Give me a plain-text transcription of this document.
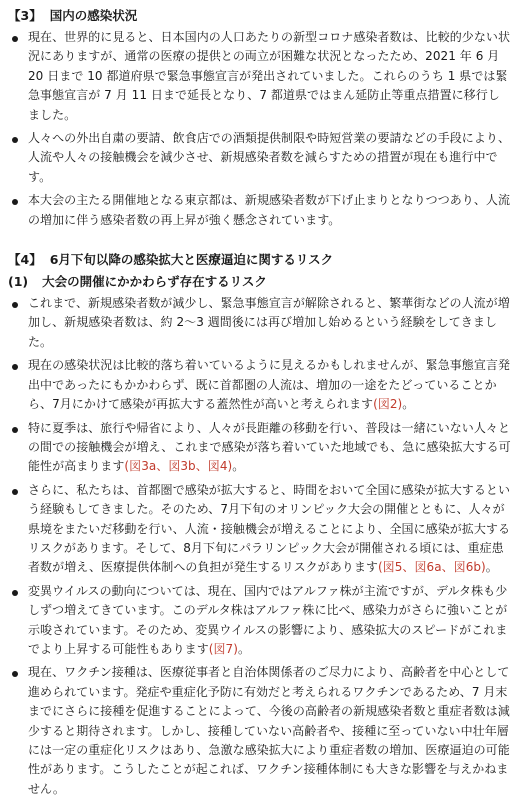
【3】 国内の感染状況
現在、世界的に見ると、日本国内の人口あたりの新型コロナ感染者数は、比較的少ない状況にありますが、通常の医療の提供との両立が困難な状況となったため、2021 年 6 月 20 日まで 10 都道府県で緊急事態宣言が発出されていました。これらのうち 1 県では緊急事態宣言が 7 月 11 日まで延長となり、7 都道県ではまん延防止等重点措置に移行しました。
人々への外出自粛の要請、飲食店での酒類提供制限や時短営業の要請などの手段により、人流や人々の接触機会を減少させ、新規感染者数を減らすための措置が現在も進行中です。
本大会の主たる開催地となる東京都は、新規感染者数が下げ止まりとなりつつあり、人流の増加に伴う感染者数の再上昇が強く懸念されています。
【4】 6月下旬以降の感染拡大と医療逼迫に関するリスク
(1) 大会の開催にかかわらず存在するリスク
これまで、新規感染者数が減少し、緊急事態宣言が解除されると、繁華街などの人流が増加し、新規感染者数は、約 2～3 週間後には再び増加し始めるという経験をしてきました。
現在の感染状況は比較的落ち着いているように見えるかもしれませんが、緊急事態宣言発出中であったにもかかわらず、既に首都圏の人流は、増加の一途をたどっていることから、7月にかけて感染が再拡大する蓋然性が高いと考えられます(図2)。
特に夏季は、旅行や帰省により、人々が長距離の移動を行い、普段は一緒にいない人々との間での接触機会が増え、これまで感染が落ち着いていた地域でも、急に感染拡大する可能性が高まります(図3a、図3b、図4)。
さらに、私たちは、首都圏で感染が拡大すると、時間をおいて全国に感染が拡大するという経験もしてきました。そのため、7月下旬のオリンピック大会の開催とともに、人々が県境をまたいだ移動を行い、人流・接触機会が増えることにより、全国に感染が拡大するリスクがあります。そして、8月下旬にパラリンピック大会が開催される頃には、重症患者数が増え、医療提供体制への負担が発生するリスクがあります(図5、図6a、図6b)。
変異ウイルスの動向については、現在、国内ではアルファ株が主流ですが、デルタ株も少しずつ増えてきています。このデルタ株はアルファ株に比べ、感染力がさらに強いことが示唆されています。そのため、変異ウイルスの影響により、感染拡大のスピードがこれまでより上昇する可能性もあります(図7)。
現在、ワクチン接種は、医療従事者と自治体関係者のご尽力により、高齢者を中心として進められています。発症や重症化予防に有効だと考えられるワクチンであるため、7 月末までにさらに接種を促進することによって、今後の高齢者の新規感染者数と重症者数は減少すると期待されます。しかし、接種していない高齢者や、接種に至っていない中壮年層には一定の重症化リスクはあり、急激な感染拡大により重症者数の増加、医療逼迫の可能性があります。こうしたことが起これば、ワクチン接種体制にも大きな影響を与えかねません。
